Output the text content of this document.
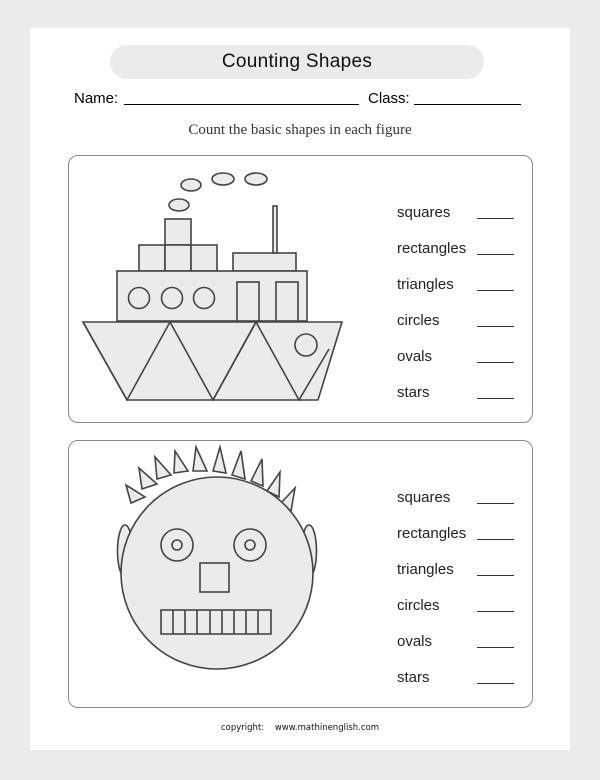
Counting Shapes
Name:	Class:
Count the basic shapes in each figure
squares
rectangles
triangles
circles
ovals
stars
squares
rectangles
triangles
circles
ovals
stars
copyright: www.mathinenglish.com
